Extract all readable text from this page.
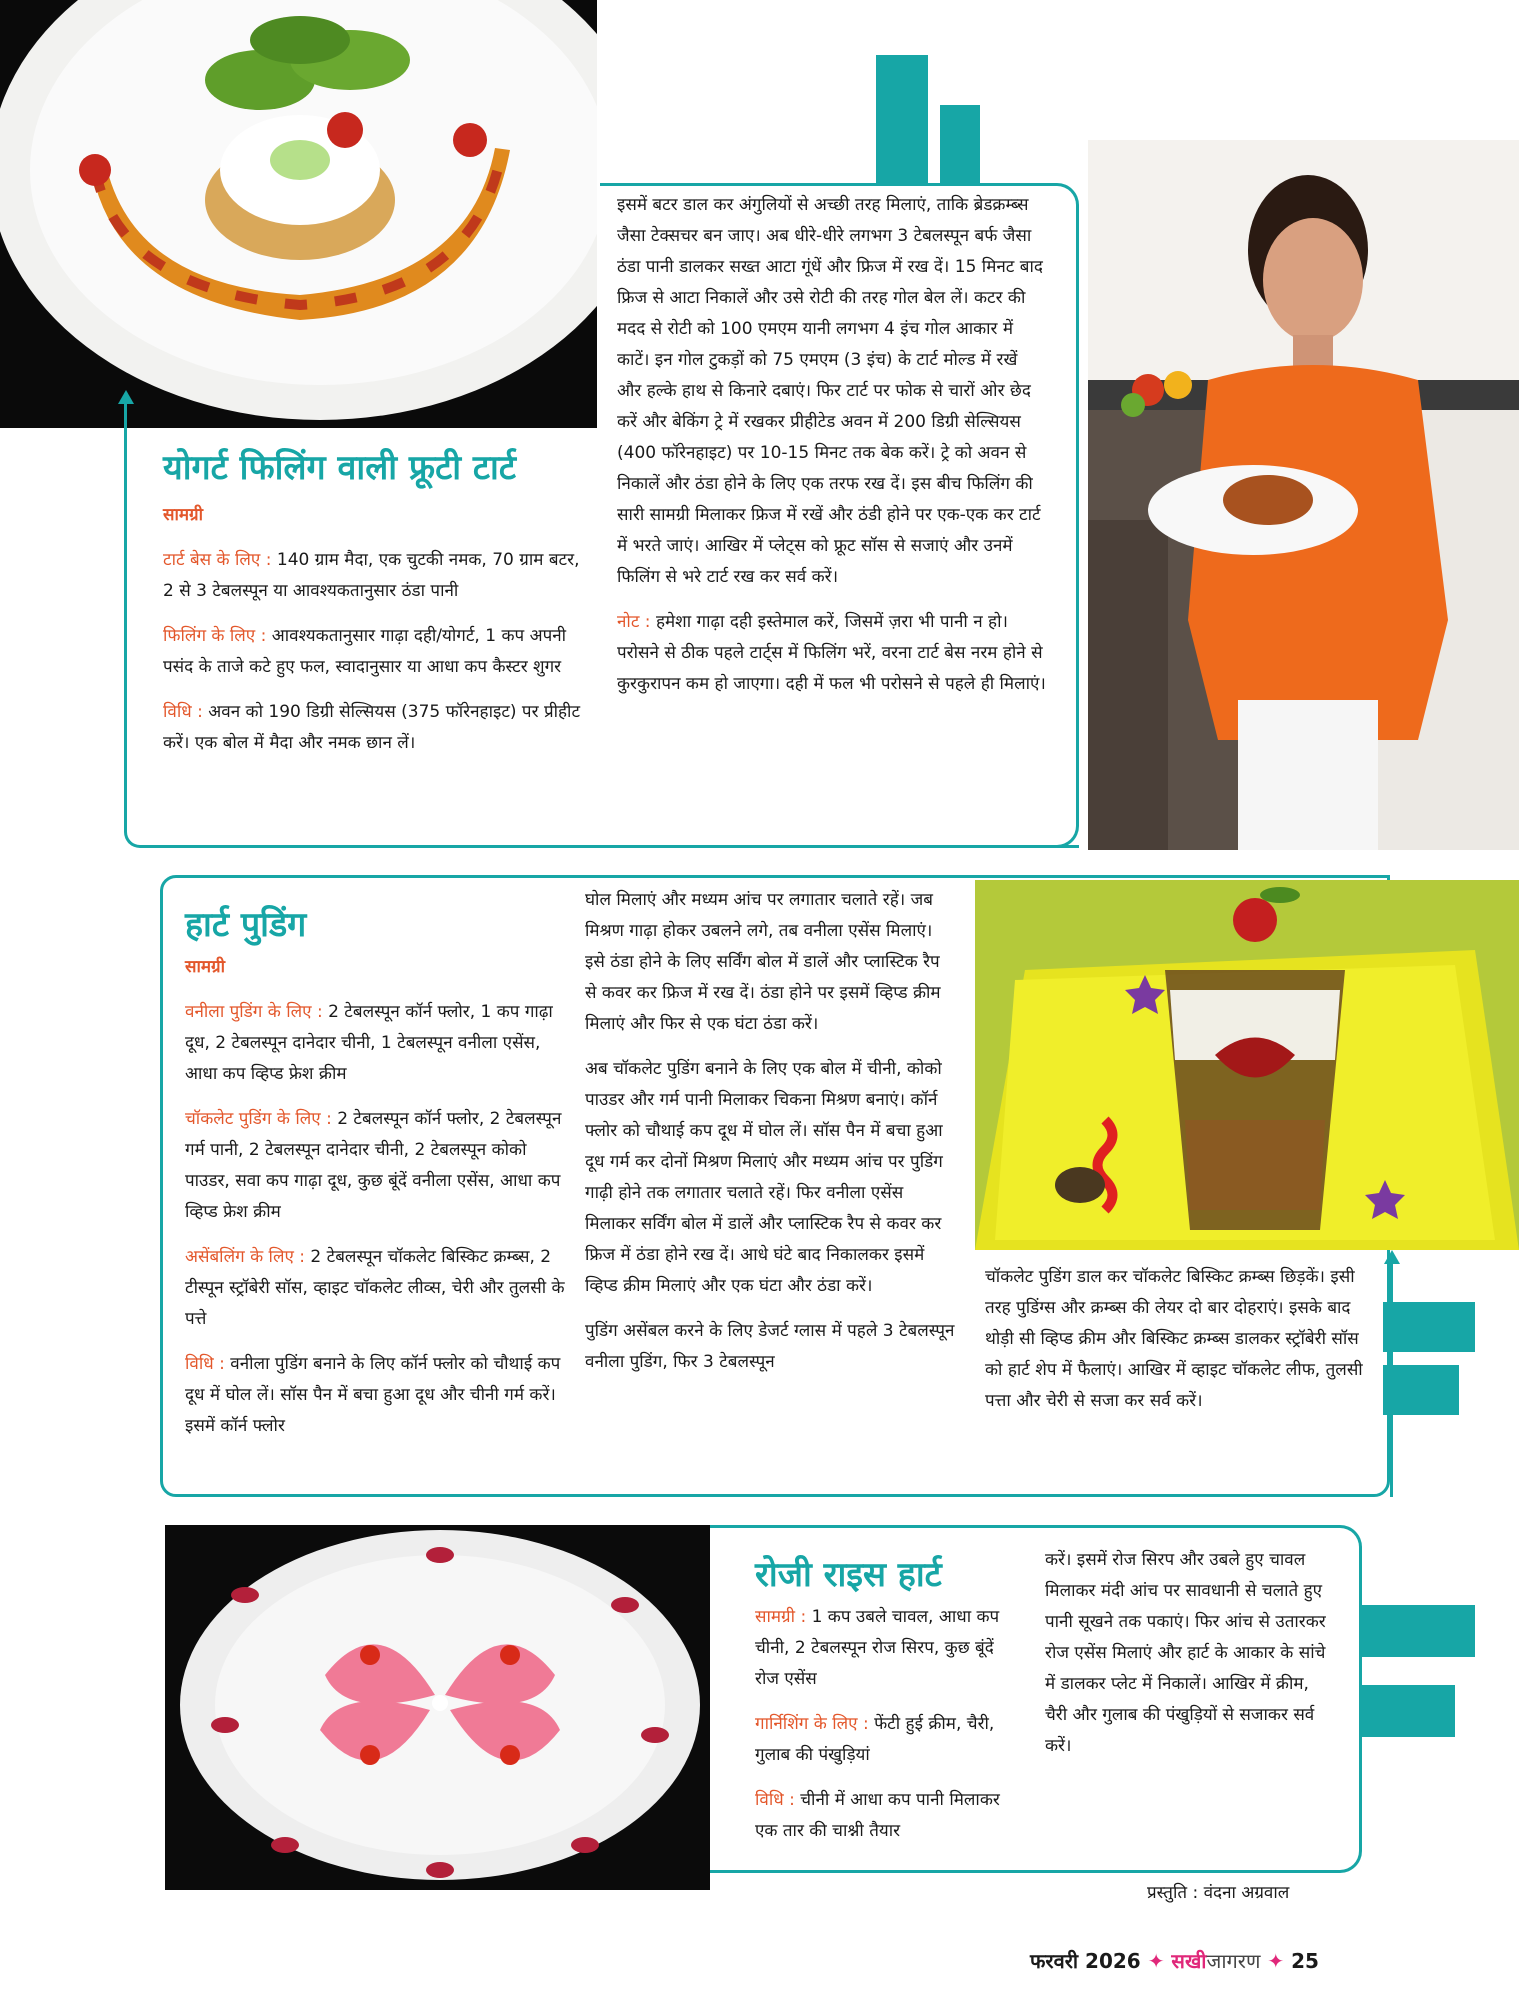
योगर्ट फिलिंग वाली फ्रूटी टार्ट

सामग्री

टार्ट बेस के लिए : 140 ग्राम मैदा, एक चुटकी नमक, 70 ग्राम बटर, 2 से 3 टेबलस्पून या आवश्यकतानुसार ठंडा पानी

फिलिंग के लिए : आवश्यकतानुसार गाढ़ा दही/योगर्ट, 1 कप अपनी पसंद के ताजे कटे हुए फल, स्वादानुसार या आधा कप कैस्टर शुगर

विधि : अवन को 190 डिग्री सेल्सियस (375 फॉरेनहाइट) पर प्रीहीट करें। एक बोल में मैदा और नमक छान लें।

इसमें बटर डाल कर अंगुलियों से अच्छी तरह मिलाएं, ताकि ब्रेडक्रम्ब्स जैसा टेक्सचर बन जाए। अब धीरे-धीरे लगभग 3 टेबलस्पून बर्फ जैसा ठंडा पानी डालकर सख्त आटा गूंधें और फ्रिज में रख दें। 15 मिनट बाद फ्रिज से आटा निकालें और उसे रोटी की तरह गोल बेल लें। कटर की मदद से रोटी को 100 एमएम यानी लगभग 4 इंच गोल आकार में काटें। इन गोल टुकड़ों को 75 एमएम (3 इंच) के टार्ट मोल्ड में रखें और हल्के हाथ से किनारे दबाएं। फिर टार्ट पर फोक से चारों ओर छेद करें और बेकिंग ट्रे में रखकर प्रीहीटेड अवन में 200 डिग्री सेल्सियस (400 फॉरेनहाइट) पर 10-15 मिनट तक बेक करें। ट्रे को अवन से निकालें और ठंडा होने के लिए एक तरफ रख दें। इस बीच फिलिंग की सारी सामग्री मिलाकर फ्रिज में रखें और ठंडी होने पर एक-एक कर टार्ट में भरते जाएं। आखिर में प्लेट्स को फ्रूट सॉस से सजाएं और उनमें फिलिंग से भरे टार्ट रख कर सर्व करें।

नोट : हमेशा गाढ़ा दही इस्तेमाल करें, जिसमें ज़रा भी पानी न हो। परोसने से ठीक पहले टार्ट्स में फिलिंग भरें, वरना टार्ट बेस नरम होने से कुरकुरापन कम हो जाएगा। दही में फल भी परोसने से पहले ही मिलाएं।

हार्ट पुडिंग

सामग्री

वनीला पुडिंग के लिए : 2 टेबलस्पून कॉर्न फ्लोर, 1 कप गाढ़ा दूध, 2 टेबलस्पून दानेदार चीनी, 1 टेबलस्पून वनीला एसेंस, आधा कप व्हिप्ड फ्रेश क्रीम

चॉकलेट पुडिंग के लिए : 2 टेबलस्पून कॉर्न फ्लोर, 2 टेबलस्पून गर्म पानी, 2 टेबलस्पून दानेदार चीनी, 2 टेबलस्पून कोको पाउडर, सवा कप गाढ़ा दूध, कुछ बूंदें वनीला एसेंस, आधा कप व्हिप्ड फ्रेश क्रीम

असेंबलिंग के लिए : 2 टेबलस्पून चॉकलेट बिस्किट क्रम्ब्स, 2 टीस्पून स्ट्रॉबेरी सॉस, व्हाइट चॉकलेट लीव्स, चेरी और तुलसी के पत्ते

विधि : वनीला पुडिंग बनाने के लिए कॉर्न फ्लोर को चौथाई कप दूध में घोल लें। सॉस पैन में बचा हुआ दूध और चीनी गर्म करें। इसमें कॉर्न फ्लोर

घोल मिलाएं और मध्यम आंच पर लगातार चलाते रहें। जब मिश्रण गाढ़ा होकर उबलने लगे, तब वनीला एसेंस मिलाएं। इसे ठंडा होने के लिए सर्विंग बोल में डालें और प्लास्टिक रैप से कवर कर फ्रिज में रख दें। ठंडा होने पर इसमें व्हिप्ड क्रीम मिलाएं और फिर से एक घंटा ठंडा करें।

अब चॉकलेट पुडिंग बनाने के लिए एक बोल में चीनी, कोको पाउडर और गर्म पानी मिलाकर चिकना मिश्रण बनाएं। कॉर्न फ्लोर को चौथाई कप दूध में घोल लें। सॉस पैन में बचा हुआ दूध गर्म कर दोनों मिश्रण मिलाएं और मध्यम आंच पर पुडिंग गाढ़ी होने तक लगातार चलाते रहें। फिर वनीला एसेंस मिलाकर सर्विंग बोल में डालें और प्लास्टिक रैप से कवर कर फ्रिज में ठंडा होने रख दें। आधे घंटे बाद निकालकर इसमें व्हिप्ड क्रीम मिलाएं और एक घंटा और ठंडा करें।

पुडिंग असेंबल करने के लिए डेजर्ट ग्लास में पहले 3 टेबलस्पून वनीला पुडिंग, फिर 3 टेबलस्पून

चॉकलेट पुडिंग डाल कर चॉकलेट बिस्किट क्रम्ब्स छिड़कें। इसी तरह पुडिंग्स और क्रम्ब्स की लेयर दो बार दोहराएं। इसके बाद थोड़ी सी व्हिप्ड क्रीम और बिस्किट क्रम्ब्स डालकर स्ट्रॉबेरी सॉस को हार्ट शेप में फैलाएं। आखिर में व्हाइट चॉकलेट लीफ, तुलसी पत्ता और चेरी से सजा कर सर्व करें।

रोजी राइस हार्ट

सामग्री : 1 कप उबले चावल, आधा कप चीनी, 2 टेबलस्पून रोज सिरप, कुछ बूंदें रोज एसेंस

गार्निशिंग के लिए : फेंटी हुई क्रीम, चैरी, गुलाब की पंखुड़ियां

विधि : चीनी में आधा कप पानी मिलाकर एक तार की चाश्नी तैयार

करें। इसमें रोज सिरप और उबले हुए चावल मिलाकर मंदी आंच पर सावधानी से चलाते हुए पानी सूखने तक पकाएं। फिर आंच से उतारकर रोज एसेंस मिलाएं और हार्ट के आकार के सांचे में डालकर प्लेट में निकालें। आखिर में क्रीम, चैरी और गुलाब की पंखुड़ियों से सजाकर सर्व करें।

प्रस्तुति : वंदना अग्रवाल
फरवरी 2026 ✦ सखीजागरण ✦ 25
